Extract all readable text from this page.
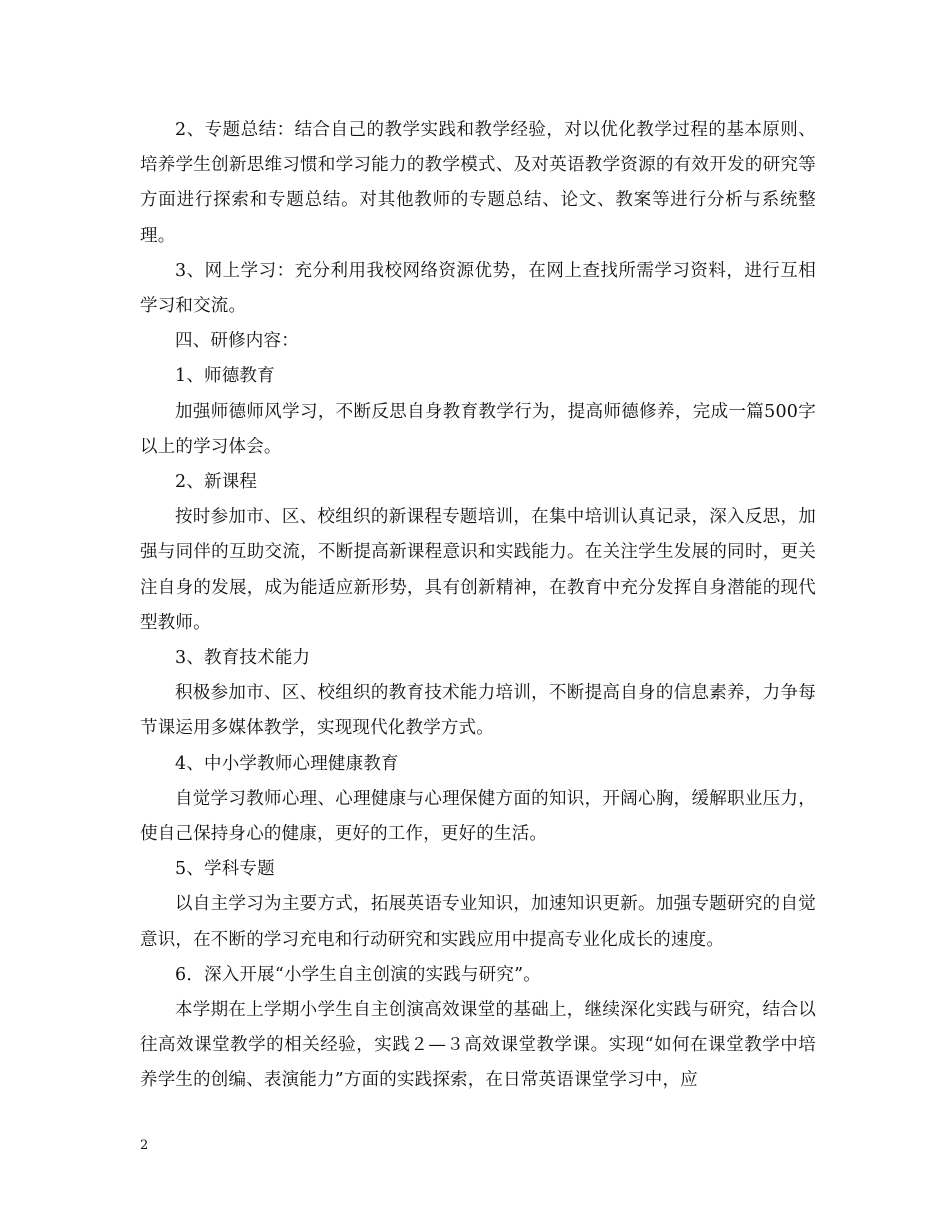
2、专题总结：结合自己的教学实践和教学经验，对以优化教学过程的基本原则、培养学生创新思维习惯和学习能力的教学模式、及对英语教学资源的有效开发的研究等方面进行探索和专题总结。对其他教师的专题总结、论文、教案等进行分析与系统整理。

3、网上学习：充分利用我校网络资源优势，在网上查找所需学习资料，进行互相学习和交流。

四、研修内容：

1、师德教育

加强师德师风学习，不断反思自身教育教学行为，提高师德修养，完成一篇500字以上的学习体会。

2、新课程

按时参加市、区、校组织的新课程专题培训，在集中培训认真记录，深入反思，加强与同伴的互助交流，不断提高新课程意识和实践能力。在关注学生发展的同时，更关注自身的发展，成为能适应新形势，具有创新精神，在教育中充分发挥自身潜能的现代型教师。

3、教育技术能力

积极参加市、区、校组织的教育技术能力培训，不断提高自身的信息素养，力争每节课运用多媒体教学，实现现代化教学方式。

4、中小学教师心理健康教育

自觉学习教师心理、心理健康与心理保健方面的知识，开阔心胸，缓解职业压力，使自己保持身心的健康，更好的工作，更好的生活。

5、学科专题

以自主学习为主要方式，拓展英语专业知识，加速知识更新。加强专题研究的自觉意识，在不断的学习充电和行动研究和实践应用中提高专业化成长的速度。

6．深入开展“小学生自主创演的实践与研究”。

本学期在上学期小学生自主创演高效课堂的基础上，继续深化实践与研究，结合以往高效课堂教学的相关经验，实践２—３高效课堂教学课。实现“如何在课堂教学中培养学生的创编、表演能力”方面的实践探索，在日常英语课堂学习中，应

2
